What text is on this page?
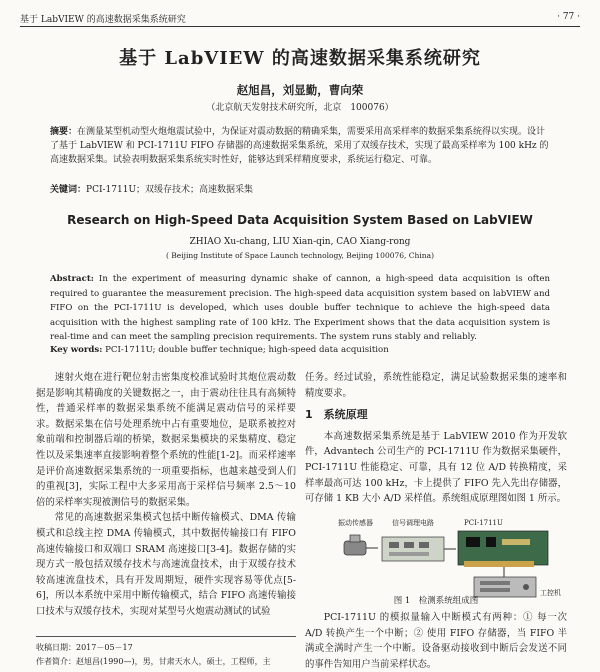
基于 LabVIEW 的高速数据采集系统研究	· 77 ·
基于 LabVIEW 的高速数据采集系统研究
赵旭昌，刘显勤，曹向荣
（北京航天发射技术研究所，北京　100076）
摘要：在测量某型机动型火炮炮震试验中，为保证对震动数据的精确采集，需要采用高采样率的数据采集系统得以实现。设计了基于 LabVIEW 和 PCI-1711U FIFO 存储器的高速数据采集系统，采用了双缓存技术，实现了最高采样率为 100 kHz 的高速数据采集。试验表明数据采集系统实时性好，能够达到采样精度要求，系统运行稳定、可靠。
关键词：PCI-1711U；双缓存技术；高速数据采集
Research on High-Speed Data Acquisition System Based on LabVIEW
ZHIAO Xu-chang, LIU Xian-qin, CAO Xiang-rong
( Beijing Institute of Space Launch technology, Beijing 100076, China)
Abstract: In the experiment of measuring dynamic shake of cannon, a high-speed data acquisition is often required to guarantee the measurement precision. The high-speed data acquisition system based on labVIEW and FIFO on the PCI-1711U is developed, which uses double buffer technique to achieve the high-speed data acquisition with the highest sampling rate of 100 kHz. The Experiment shows that the data acquisition system is real-time and can meet the sampling precision requirements. The system runs stably and reliably.
Key words: PCI-1711U; double buffer technique; high-speed data acquisition
速射火炮在进行靶位射击密集度校准试验时其炮位震动数据是影响其精确度的关键数据之一，由于震动往往具有高频特性，普通采样率的数据采集系统不能满足震动信号的采样要求。数据采集在信号处理系统中占有重要地位，是联系被控对象前端和控制器后端的桥梁，数据采集模块的采集精度、稳定性以及采集速率直接影响着整个系统的性能[1-2]。而采样速率是评价高速数据采集系统的一项重要指标，也越来越受到人们的重视[3]，实际工程中大多采用高于采样信号频率 2.5～10 倍的采样率实现被测信号的数据采集。
常见的高速数据采集模式包括中断传输模式、DMA 传输模式和总线主控 DMA 传输模式，其中数据传输接口有 FIFO 高速传输接口和双端口 SRAM 高速接口[3-4]。数据存储的实现方式一般包括双缓存技术与高速流盘技术，由于双缓存技术较高速流盘技术，具有开发周期短，硬件实现容易等优点[5-6]，所以本系统中采用中断传输模式，结合 FIFO 高速传输接口技术与双缓存技术，实现对某型号火炮震动测试的试验
任务。经过试验，系统性能稳定，满足试验数据采集的速率和精度要求。
1　系统原理
本高速数据采集系统是基于 LabVIEW 2010 作为开发软件，Advantech 公司生产的 PCI-1711U 作为数据采集硬件，PCI-1711U 性能稳定、可靠，具有 12 位 A/D 转换精度，采样率最高可达 100 kHz，卡上提供了 FIFO 先入先出存储器，可存储 1 KB 大小 A/D 采样值。系统组成原理图如图 1 所示。
振动传感器	信号调理电路	PCI-1711U
工控机
图 1　检测系统组成图
PCI-1711U 的模拟量输入中断模式有两种：① 每一次 A/D 转换产生一个中断；② 使用 FIFO 存储器，当 FIFO 半满或全满时产生一个中断。设备驱动接收到中断后会发送不同的事件告知用户当前采样状态。
收稿日期：2017－05－17
作者简介：赵旭昌(1990—)，男，甘肃天水人，硕士，工程师，主
